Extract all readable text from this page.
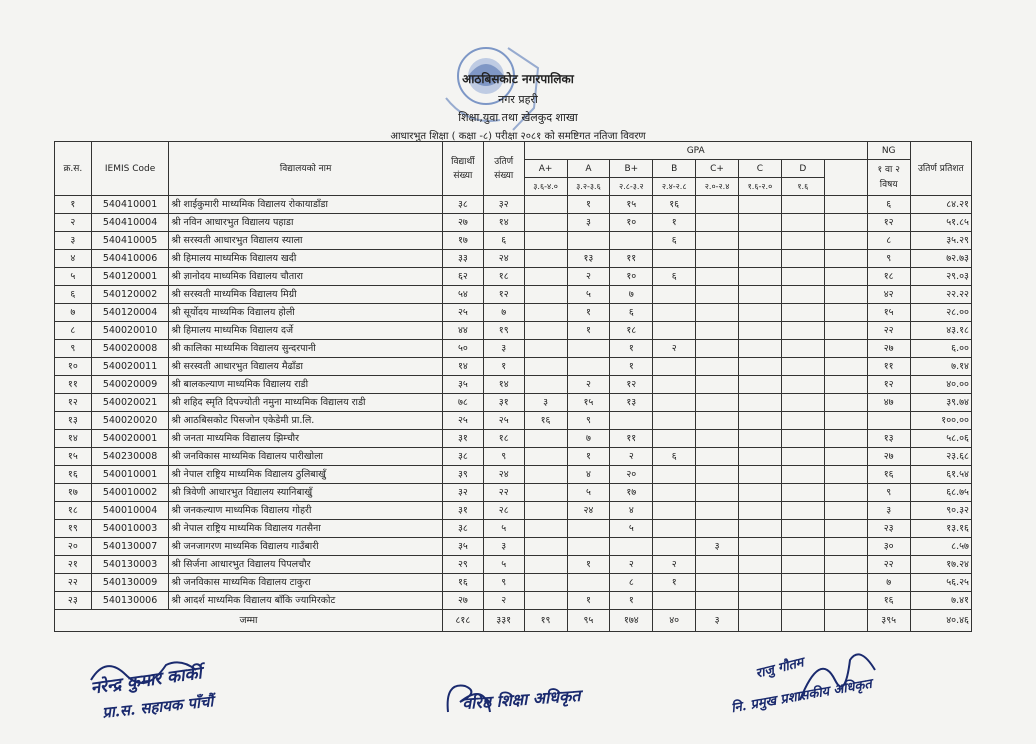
आठबिसकोट नगरपालिका
नगर प्रहरी
शिक्षा,युवा तथा खेलकुद शाखा
आधारभुत शिक्षा ( कक्षा -८) परीक्षा २०८१ को समष्टिगत नतिजा विवरण
क्र.स.	IEMIS Code	विद्यालयको नाम	विद्यार्थी संख्या	उतिर्ण संख्या	GPA								NG	उतिर्ण प्रतिशत
					A+	A	B+	B	C+	C	D		१ वा २ विषय	
					३.६-४.०	३.२-३.६	२.८-३.२	२.४-२.८	२.०-२.४	१.६-२.०	१.६			
१	540410001	श्री शाईकुमारी माध्यमिक विद्यालय रोकायाडाँडा	३८	३२		१	१५	१६					६	८४.२१
२	540410004	श्री नविन आधारभुत विद्यालय पहाडा	२७	१४		३	१०	१					१२	५१.८५
३	540410005	श्री सरस्वती आधारभुत विद्यालय स्याला	१७	६				६					८	३५.२९
४	540410006	श्री हिमालय माध्यमिक विद्यालय खदी	३३	२४		१३	११						९	७२.७३
५	540120001	श्री ज्ञानोदय माध्यमिक विद्यालय चौतारा	६२	१८		२	१०	६					१८	२९.०३
६	540120002	श्री सरस्वती माध्यमिक विद्यालय मिग्री	५४	१२		५	७						४२	२२.२२
७	540120004	श्री सूर्योदय माध्यमिक विद्यालय होली	२५	७		१	६						१५	२८.००
८	540020010	श्री हिमालय माध्यमिक विद्यालय दर्जे	४४	१९		१	१८						२२	४३.१८
९	540020008	श्री कालिका माध्यमिक विद्यालय सुन्दरपानी	५०	३			१	२					२७	६.००
१०	540020011	श्री सरस्वती आधारभुत विद्यालय मैढाँडा	१४	१			१						११	७.१४
११	540020009	श्री बालकल्याण माध्यमिक विद्यालय राडी	३५	१४		२	१२						१२	४०.००
१२	540020021	श्री शहिद स्मृति दिपज्योती नमुना माध्यमिक विद्यालय राडी	७८	३१	३	१५	१३						४७	३९.७४
१३	540020020	श्री आठबिसकोट पिसजोन एकेडेमी प्रा.लि.	२५	२५	१६	९								१००.००
१४	540020001	श्री जनता माध्यमिक विद्यालय झिम्चौर	३१	१८		७	११						१३	५८.०६
१५	540230008	श्री जनविकास माध्यमिक विद्यालय पारीखोला	३८	९		१	२	६					२७	२३.६८
१६	540010001	श्री नेपाल राष्ट्रिय माध्यमिक विद्यालय ठुलिबाखुँ	३९	२४		४	२०						१६	६१.५४
१७	540010002	श्री त्रिवेणी आधारभुत विद्यालय स्यानिबाखुँ	३२	२२		५	१७						९	६८.७५
१८	540010004	श्री जनकल्याण माध्यमिक विद्यालय गोहरी	३१	२८		२४	४						३	९०.३२
१९	540010003	श्री नेपाल राष्ट्रिय माध्यमिक विद्यालय गतसैना	३८	५			५						२३	१३.१६
२०	540130007	श्री जनजागरण माध्यमिक विद्यालय गाउँबारी	३५	३					३				३०	८.५७
२१	540130003	श्री सिर्जना आधारभुत विद्यालय पिपलचौर	२९	५		१	२	२					२२	१७.२४
२२	540130009	श्री जनविकास माध्यमिक विद्यालय टाकुरा	१६	९			८	१					७	५६.२५
२३	540130006	श्री आदर्श माध्यमिक विद्यालय बाँकि ज्यामिरकोट	२७	२		१	१						१६	७.४१
जम्मा			८१८	३३१	१९	९५	१७४	४०	३				३९५	४०.४६
नरेन्द्र कुमार कार्की
प्रा.स. सहायक पाँचौं	वरिष्ठ शिक्षा अधिकृत
राजु गौतम
नि. प्रमुख प्रशासकीय अधिकृत
